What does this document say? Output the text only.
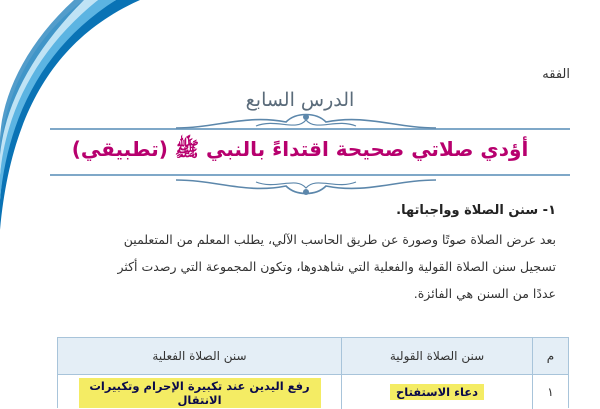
الفقه
الدرس السابع
أؤدي صلاتي صحيحة اقتداءً بالنبي ﷺ (تطبيقي)
١- سنن الصلاة وواجباتها.
بعد عرض الصلاة صوتًا وصورة عن طريق الحاسب الآلي، يطلب المعلم من المتعلمين
تسجيل سنن الصلاة القولية والفعلية التي شاهدوها، وتكون المجموعة التي رصدت أكثر
عددًا من السنن هي الفائزة.
م
سنن الصلاة القولية
سنن الصلاة الفعلية
١
دعاء الاستفتاح
رفع اليدين عند تكبيرة الإحرام وتكبيرات الانتقال
